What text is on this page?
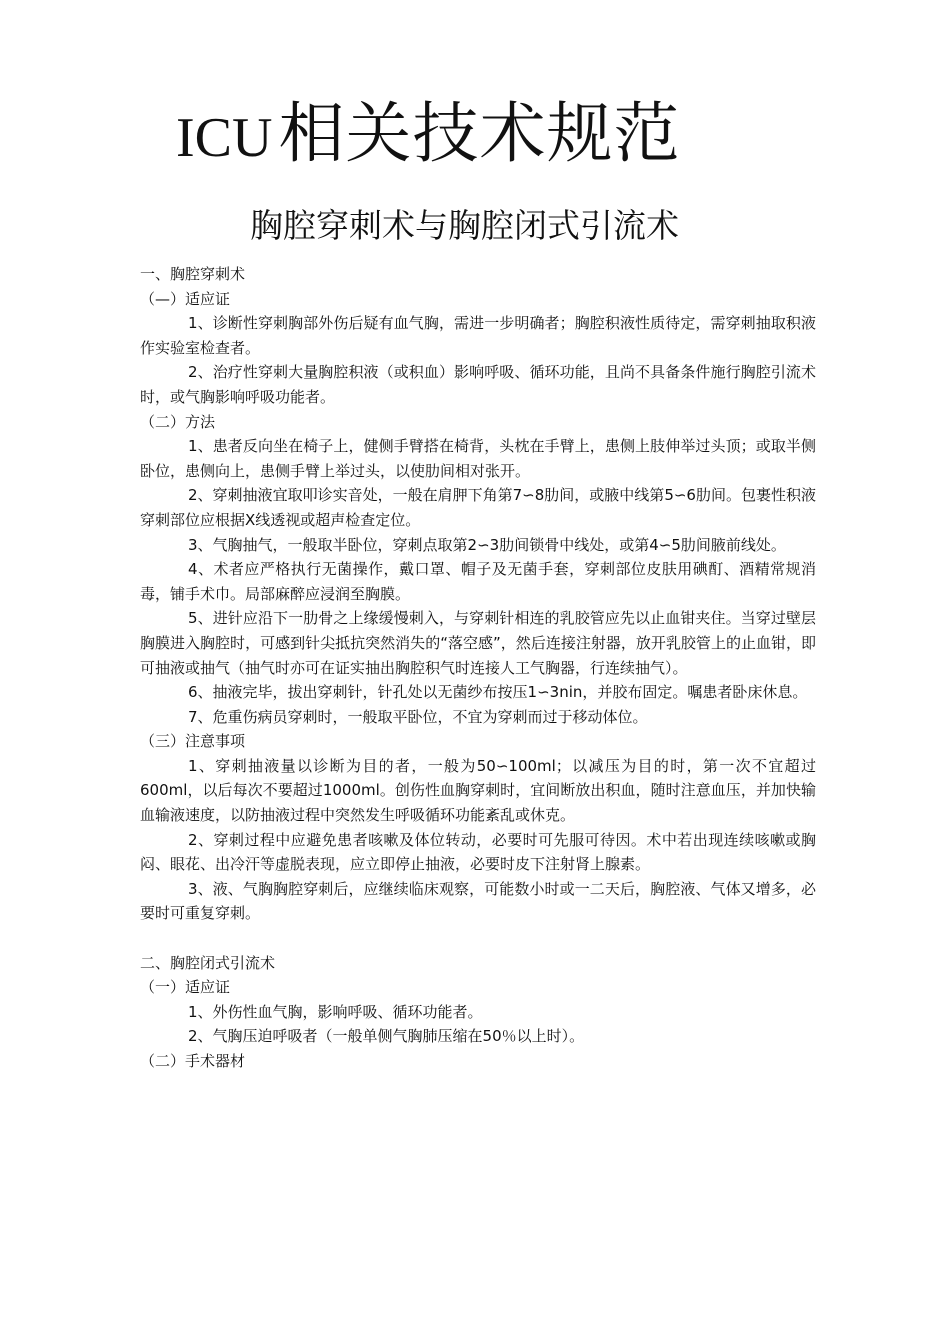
ICU相关技术规范
胸腔穿刺术与胸腔闭式引流术

一、胸腔穿刺术

（—）适应证

1、诊断性穿刺胸部外伤后疑有血气胸，需进一步明确者；胸腔积液性质待定，需穿刺抽取积液作实验室检查者。

2、治疗性穿刺大量胸腔积液（或积血）影响呼吸、循环功能，且尚不具备条件施行胸腔引流术时，或气胸影响呼吸功能者。

（二）方法

1、患者反向坐在椅子上，健侧手臂搭在椅背，头枕在手臂上，患侧上肢伸举过头顶；或取半侧卧位，患侧向上，患侧手臂上举过头，以使肋间相对张开。

2、穿刺抽液宜取叩诊实音处，一般在肩胛下角第7∽8肋间，或腋中线第5∽6肋间。包裹性积液穿刺部位应根据X线透视或超声检查定位。

3、气胸抽气，一般取半卧位，穿刺点取第2∽3肋间锁骨中线处，或第4∽5肋间腋前线处。

4、术者应严格执行无菌操作，戴口罩、帽子及无菌手套，穿刺部位皮肤用碘酊、酒精常规消毒，铺手术巾。局部麻醉应浸润至胸膜。

5、进针应沿下一肋骨之上缘缓慢刺入，与穿刺针相连的乳胶管应先以止血钳夹住。当穿过壁层胸膜进入胸腔时，可感到针尖抵抗突然消失的“落空感”，然后连接注射器，放开乳胶管上的止血钳，即可抽液或抽气（抽气时亦可在证实抽出胸腔积气时连接人工气胸器，行连续抽气）。

6、抽液完毕，拔出穿刺针，针孔处以无菌纱布按压1∽3nin，并胶布固定。嘱患者卧床休息。

7、危重伤病员穿刺时，一般取平卧位，不宜为穿刺而过于移动体位。

（三）注意事项

1、穿刺抽液量以诊断为目的者，一般为50∽100ml；以减压为目的时，第一次不宜超过600ml，以后每次不要超过1000ml。创伤性血胸穿刺时，宜间断放出积血，随时注意血压，并加快输血输液速度，以防抽液过程中突然发生呼吸循环功能紊乱或休克。

2、穿刺过程中应避免患者咳嗽及体位转动，必要时可先服可待因。术中若出现连续咳嗽或胸闷、眼花、出冷汗等虚脱表现，应立即停止抽液，必要时皮下注射肾上腺素。

3、液、气胸胸腔穿刺后，应继续临床观察，可能数小时或一二天后，胸腔液、气体又增多，必要时可重复穿刺。

二、胸腔闭式引流术

（一）适应证

1、外伤性血气胸，影响呼吸、循环功能者。

2、气胸压迫呼吸者（一般单侧气胸肺压缩在50％以上时）。

（二）手术器材
